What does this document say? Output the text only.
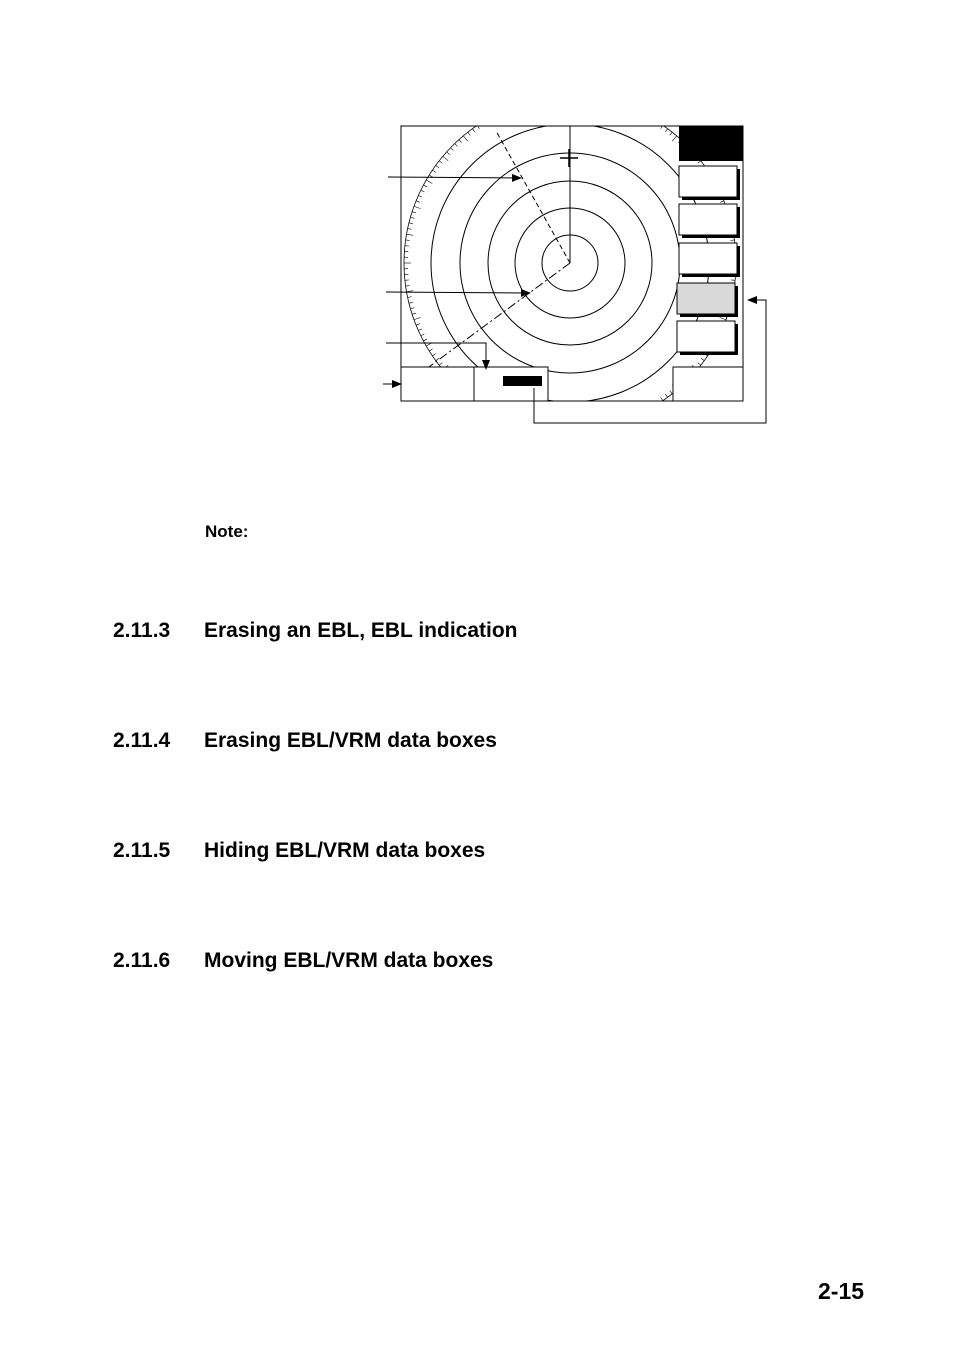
Note:
2.11.3 Erasing an EBL, EBL indication
2.11.4 Erasing EBL/VRM data boxes
2.11.5 Hiding EBL/VRM data boxes
2.11.6 Moving EBL/VRM data boxes
2-15
